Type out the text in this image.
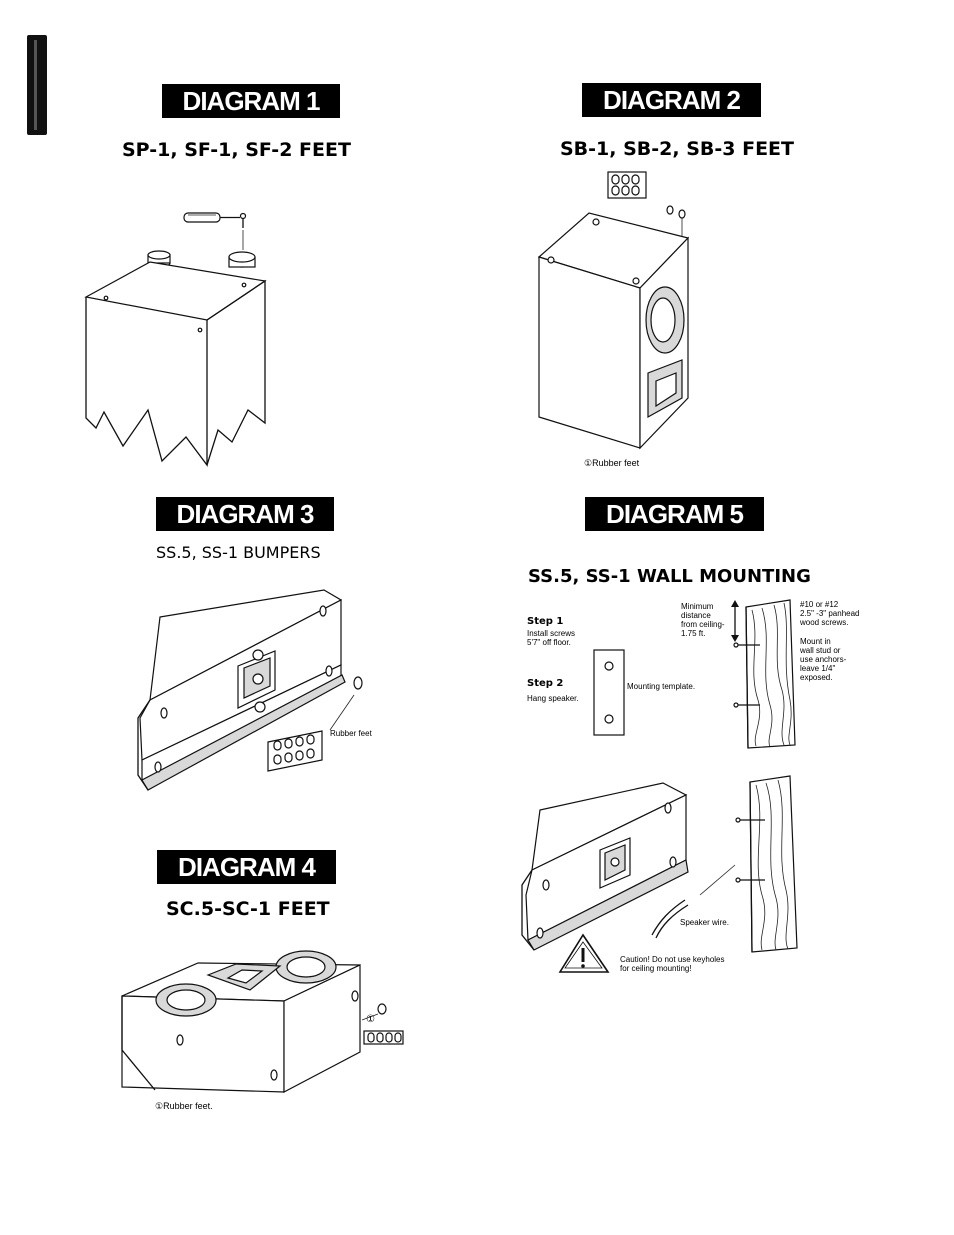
DIAGRAM 1
SP-1, SF-1, SF-2 FEET
DIAGRAM 2
SB-1, SB-2, SB-3 FEET
①Rubber feet
DIAGRAM 3
SS.5, SS-1 BUMPERS
Rubber feet
DIAGRAM 4
SC.5-SC-1 FEET
①
①Rubber feet.
DIAGRAM 5
SS.5, SS-1 WALL MOUNTING
Step 1
Install screws
5'7" off floor.
Step 2
Hang speaker.
Mounting template.
Minimum
distance
from ceiling-
1.75 ft.
#10 or #12
2.5" -3" panhead
wood screws.
Mount in
wall stud or
use anchors-
leave 1/4"
exposed.
Speaker wire.
Caution! Do not use keyholes
for ceiling mounting!
